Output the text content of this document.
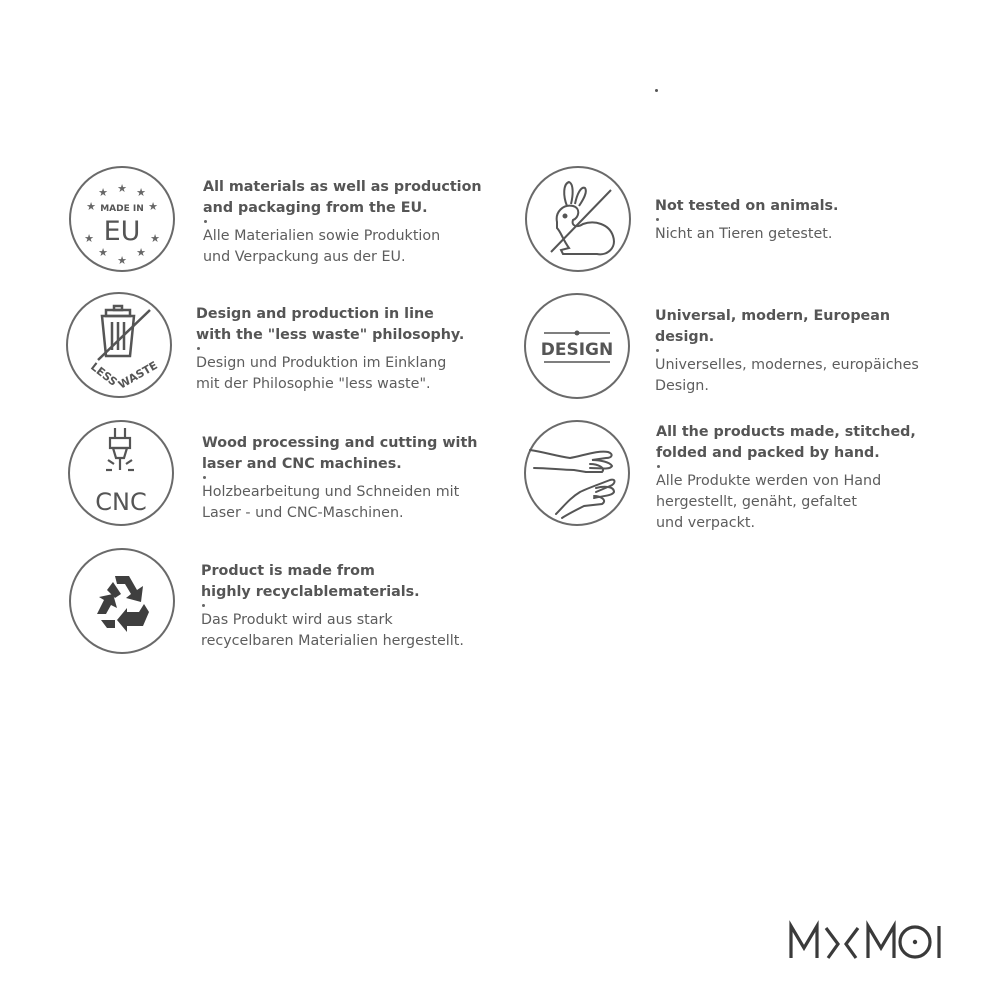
★
★	★
★	★
★	★
★	★
★
MADE IN
EU
All materials as well as production
and packaging from the EU.
Alle Materialien sowie Produktion
und Verpackung aus der EU.
LESS
WASTE
Design and production in line
with the "less waste" philosophy.
Design und Produktion im Einklang
mit der Philosophie "less waste".
CNC
Wood processing and cutting with
laser and CNC machines.
Holzbearbeitung und Schneiden mit
Laser - und CNC-Maschinen.
Product is made from
highly recyclablematerials.
Das Produkt wird aus stark
recycelbaren Materialien hergestellt.
Not tested on animals.
Nicht an Tieren getestet.
DESIGN
Universal, modern, European
design.
Universelles, modernes, europäiches
Design.
All the products made, stitched,
folded and packed by hand.
Alle Produkte werden von Hand
hergestellt, genäht, gefaltet
und verpackt.
